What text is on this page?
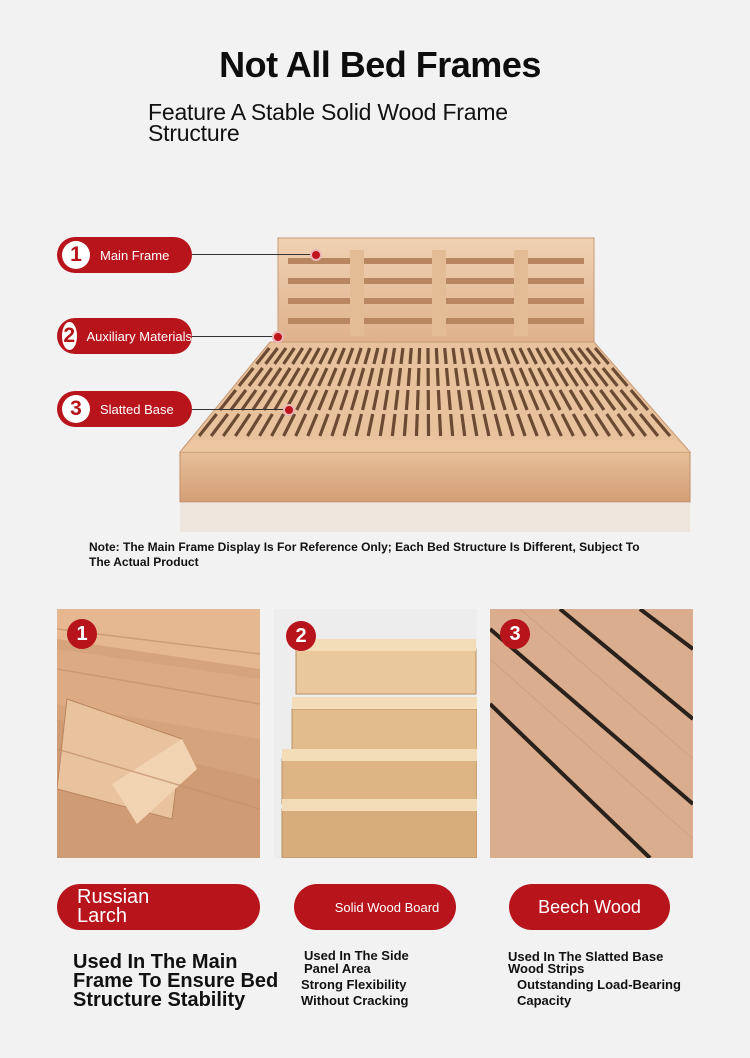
Not All Bed Frames
Feature A Stable Solid Wood Frame Structure
1	Main Frame
2 Auxiliary Materials
3	Slatted Base
Note: The Main Frame Display Is For Reference Only; Each Bed Structure Is Different, Subject To The Actual Product
1	2	3
Russian Larch	Solid Wood Board	Beech Wood
Used In The Main Frame To Ensure Bed Structure Stability
Used In The Side
Panel Area
Strong Flexibility
Without Cracking
Used In The Slatted Base
Wood Strips
Outstanding Load-Bearing
Capacity
